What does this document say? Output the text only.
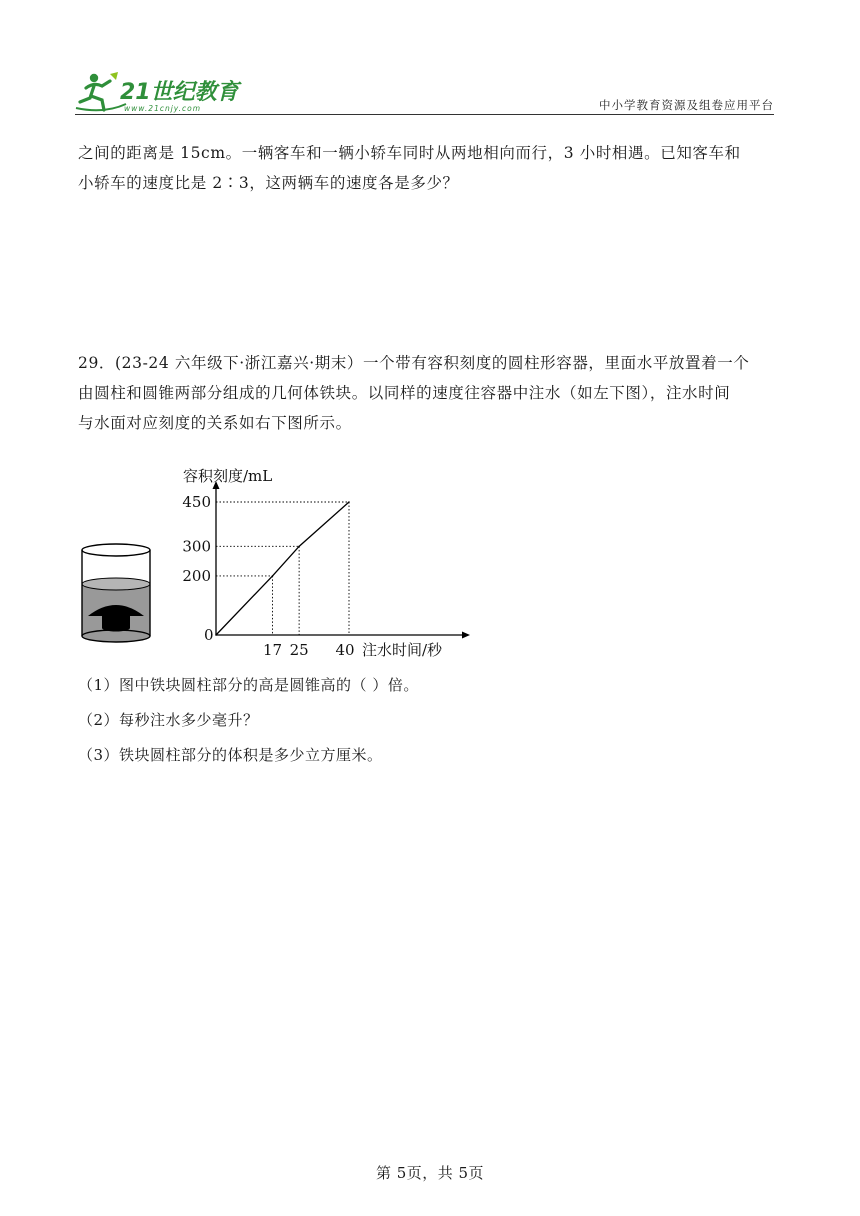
21世纪教育
www.21cnjy.com	中小学教育资源及组卷应用平台

之间的距离是 15cm。一辆客车和一辆小轿车同时从两地相向而行，3 小时相遇。已知客车和

小轿车的速度比是 2∶3，这两辆车的速度各是多少？

29．(23-24 六年级下·浙江嘉兴·期末）一个带有容积刻度的圆柱形容器，里面水平放置着一个

由圆柱和圆锥两部分组成的几何体铁块。以同样的速度往容器中注水（如左下图），注水时间

与水面对应刻度的关系如右下图所示。

容积刻度/mL
注水时间/秒
0
200
300
450
17 25 40
（1）图中铁块圆柱部分的高是圆锥高的（ ）倍。
（2）每秒注水多少毫升？
（3）铁块圆柱部分的体积是多少立方厘米。
第 5页，共 5页
